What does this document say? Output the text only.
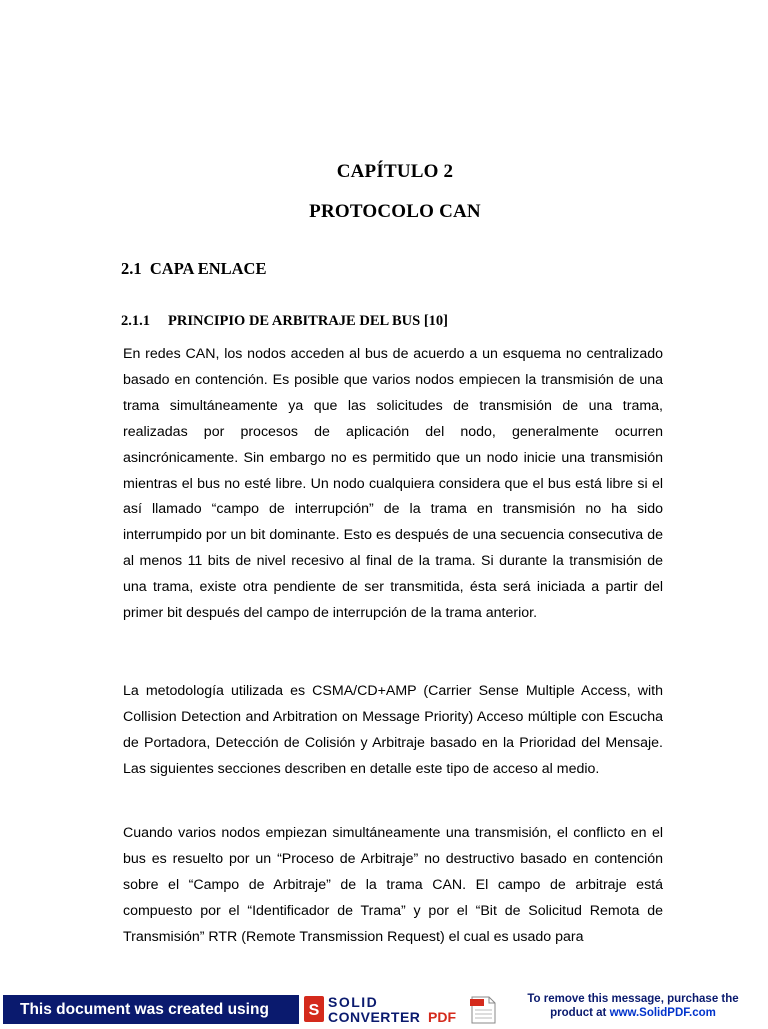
CAPÍTULO 2
PROTOCOLO CAN
2.1 CAPA ENLACE
2.1.1 PRINCIPIO DE ARBITRAJE DEL BUS [10]

En redes CAN, los nodos acceden al bus de acuerdo a un esquema no centralizado basado en contención. Es posible que varios nodos empiecen la transmisión de una trama simultáneamente ya que las solicitudes de transmisión de una trama, realizadas por procesos de aplicación del nodo, generalmente ocurren asincrónicamente. Sin embargo no es permitido que un nodo inicie una transmisión mientras el bus no esté libre. Un nodo cualquiera considera que el bus está libre si el así llamado “campo de interrupción” de la trama en transmisión no ha sido interrumpido por un bit dominante. Esto es después de una secuencia consecutiva de al menos 11 bits de nivel recesivo al final de la trama. Si durante la transmisión de una trama, existe otra pendiente de ser transmitida, ésta será iniciada a partir del primer bit después del campo de interrupción de la trama anterior.

La metodología utilizada es CSMA/CD+AMP (Carrier Sense Multiple Access, with Collision Detection and Arbitration on Message Priority) Acceso múltiple con Escucha de Portadora, Detección de Colisión y Arbitraje basado en la Prioridad del Mensaje. Las siguientes secciones describen en detalle este tipo de acceso al medio.

Cuando varios nodos empiezan simultáneamente una transmisión, el conflicto en el bus es resuelto por un “Proceso de Arbitraje” no destructivo basado en contención sobre el “Campo de Arbitraje” de la trama CAN. El campo de arbitraje está compuesto por el “Identificador de Trama” y por el “Bit de Solicitud Remota de Transmisión” RTR (Remote Transmission Request) el cual es usado para

This document was created using	S SOLID
CONVERTER PDF
To remove this message, purchase the
product at www.SolidPDF.com
